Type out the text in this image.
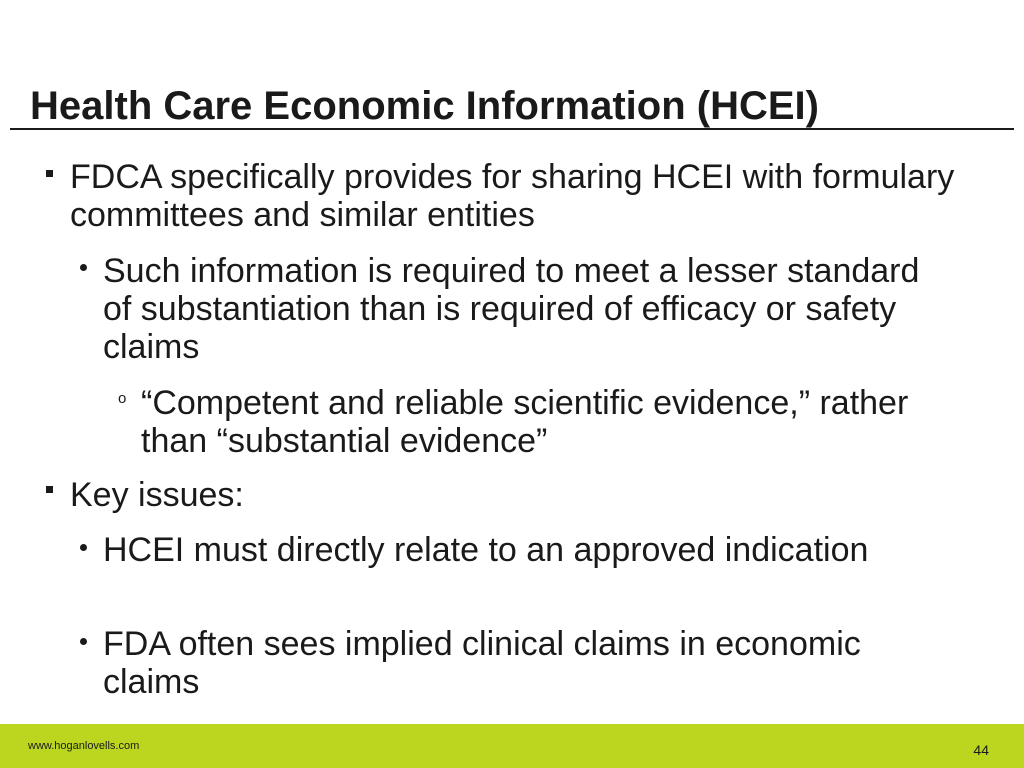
Health Care Economic Information (HCEI)
FDCA specifically provides for sharing HCEI with formulary committees and similar entities
Such information is required to meet a lesser standard of substantiation than is required of efficacy or safety claims
o “Competent and reliable scientific evidence,” rather than “substantial evidence”
Key issues:
HCEI must directly relate to an approved indication
FDA often sees implied clinical claims in economic claims
www.hoganlovells.com	44
